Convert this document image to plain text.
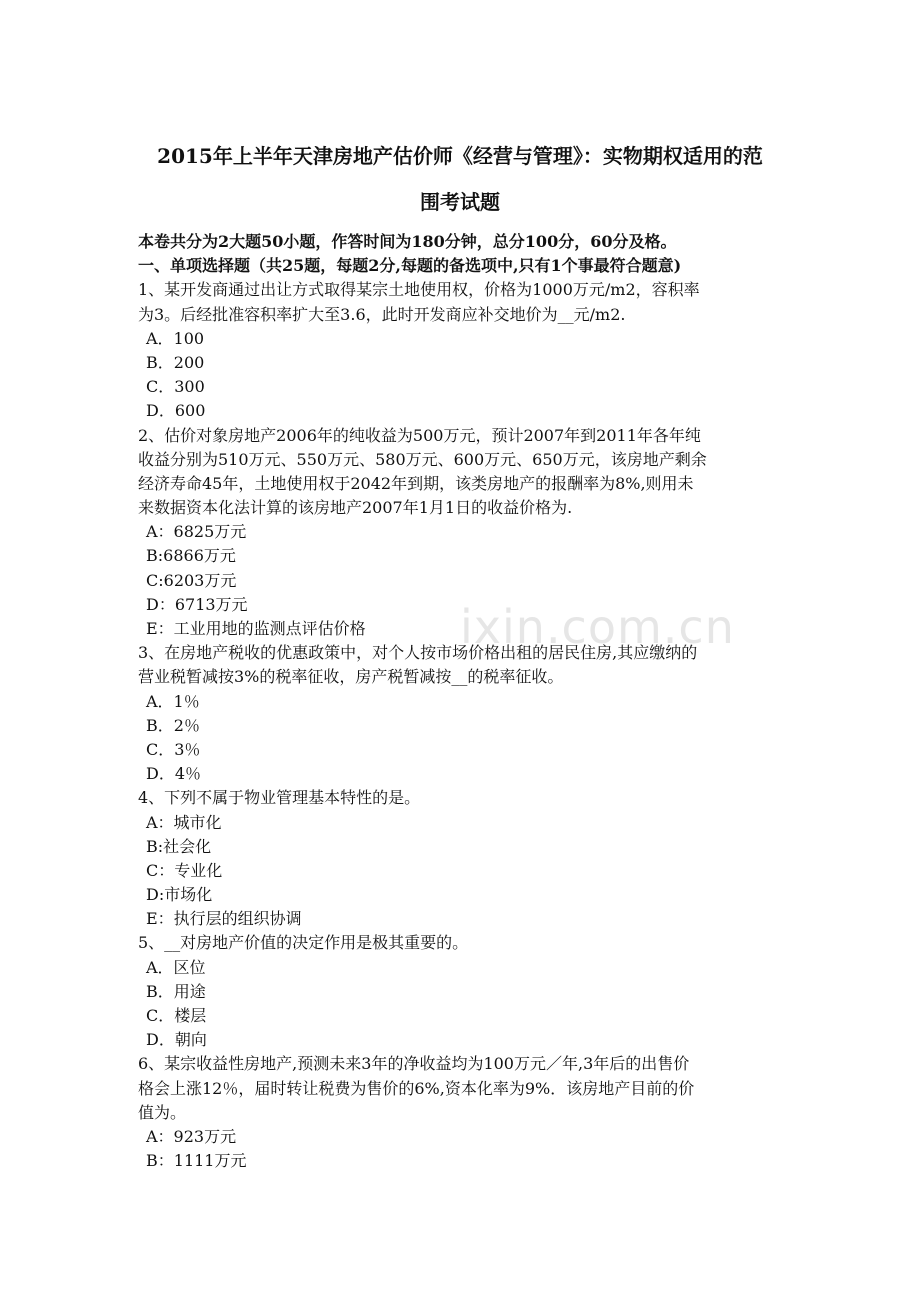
ixin.com.cn
2015年上半年天津房地产估价师《经营与管理》：实物期权适用的范
围考试题
本卷共分为2大题50小题，作答时间为180分钟，总分100分，60分及格。
一、单项选择题（共25题，每题2分,每题的备选项中,只有1个事最符合题意)
1、某开发商通过出让方式取得某宗土地使用权，价格为1000万元/m2，容积率
为3。后经批准容积率扩大至3.6，此时开发商应补交地价为__元/m2.
A．100
B．200
C．300
D．600
2、估价对象房地产2006年的纯收益为500万元，预计2007年到2011年各年纯
收益分别为510万元、550万元、580万元、600万元、650万元，该房地产剩余
经济寿命45年，土地使用权于2042年到期，该类房地产的报酬率为8%,则用未
来数据资本化法计算的该房地产2007年1月1日的收益价格为.
A：6825万元
B:6866万元
C:6203万元
D：6713万元
E：工业用地的监测点评估价格
3、在房地产税收的优惠政策中，对个人按市场价格出租的居民住房,其应缴纳的
营业税暂减按3%的税率征收，房产税暂减按__的税率征收。
A．1％
B．2％
C．3％
D．4％
4、下列不属于物业管理基本特性的是。
A：城市化
B:社会化
C：专业化
D:市场化
E：执行层的组织协调
5、__对房地产价值的决定作用是极其重要的。
A．区位
B．用途
C．楼层
D．朝向
6、某宗收益性房地产,预测未来3年的净收益均为100万元／年,3年后的出售价
格会上涨12％，届时转让税费为售价的6%,资本化率为9%．该房地产目前的价
值为。
A：923万元
B：1111万元
